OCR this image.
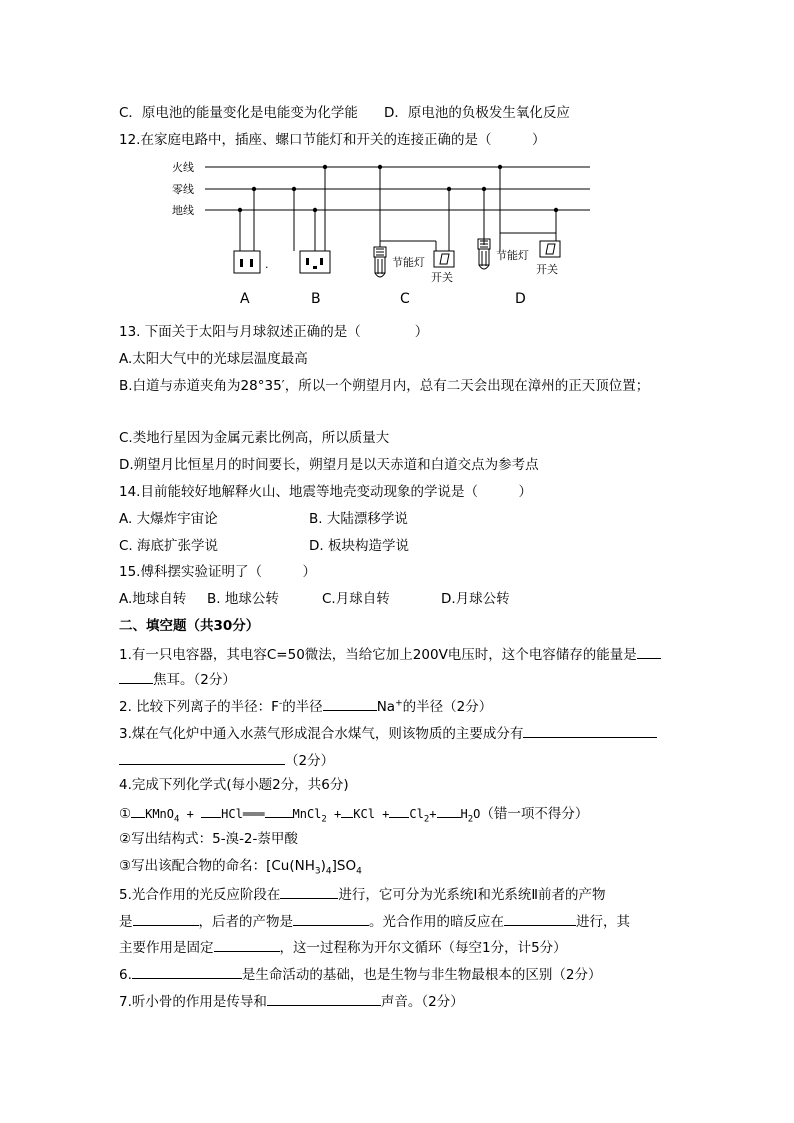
C．原电池的能量变化是电能变为化学能 D．原电池的负极发生氧化反应
12.在家庭电路中，插座、螺口节能灯和开关的连接正确的是（　　　）
火线
零线
地线
.	节能灯
开关
节能灯
开关
A	B	C	D
13. 下面关于太阳与月球叙述正确的是（　　　　）
A.太阳大气中的光球层温度最高
B.白道与赤道夹角为28°35′，所以一个朔望月内，总有二天会出现在漳州的正天顶位置；
C.类地行星因为金属元素比例高，所以质量大
D.朔望月比恒星月的时间要长，朔望月是以天赤道和白道交点为参考点
14.目前能较好地解释火山、地震等地壳变动现象的学说是（　　　）
A. 大爆炸宇宙论	B. 大陆漂移学说
C. 海底扩张学说	D. 板块构造学说
15.傅科摆实验证明了（　　　）
A.地球自转 B. 地球公转	C.月球自转	D.月球公转
二、填空题（共30分）
1.有一只电容器，其电容C=50微法，当给它加上200V电压时，这个电容储存的能量是
焦耳。（2分）
2. 比较下列离子的半径：F-的半径	Na+的半径（2分）
3.煤在气化炉中通入水蒸气形成混合水煤气，则该物质的主要成分有
（2分）
4.完成下列化学式(每小题2分，共6分)
① KMnO$_4$ + HCl═══ MnCl$_2$ + KCl + $Cl_2+ H_2O$（错一项不得分）
②写出结构式：5-溴-2-萘甲酸
③写出该配合物的命名：$[Cu(NH_3)_4]SO_4$
5.光合作用的光反应阶段在	进行，它可分为光系统Ⅰ和光系统Ⅱ前者的产物
是	，后者的产物是	。光合作用的暗反应在	进行，其
主要作用是固定	，这一过程称为开尔文循环（每空1分，计5分）
6.	是生命活动的基础，也是生物与非生物最根本的区别（2分）
7.听小骨的作用是传导和	声音。（2分）
